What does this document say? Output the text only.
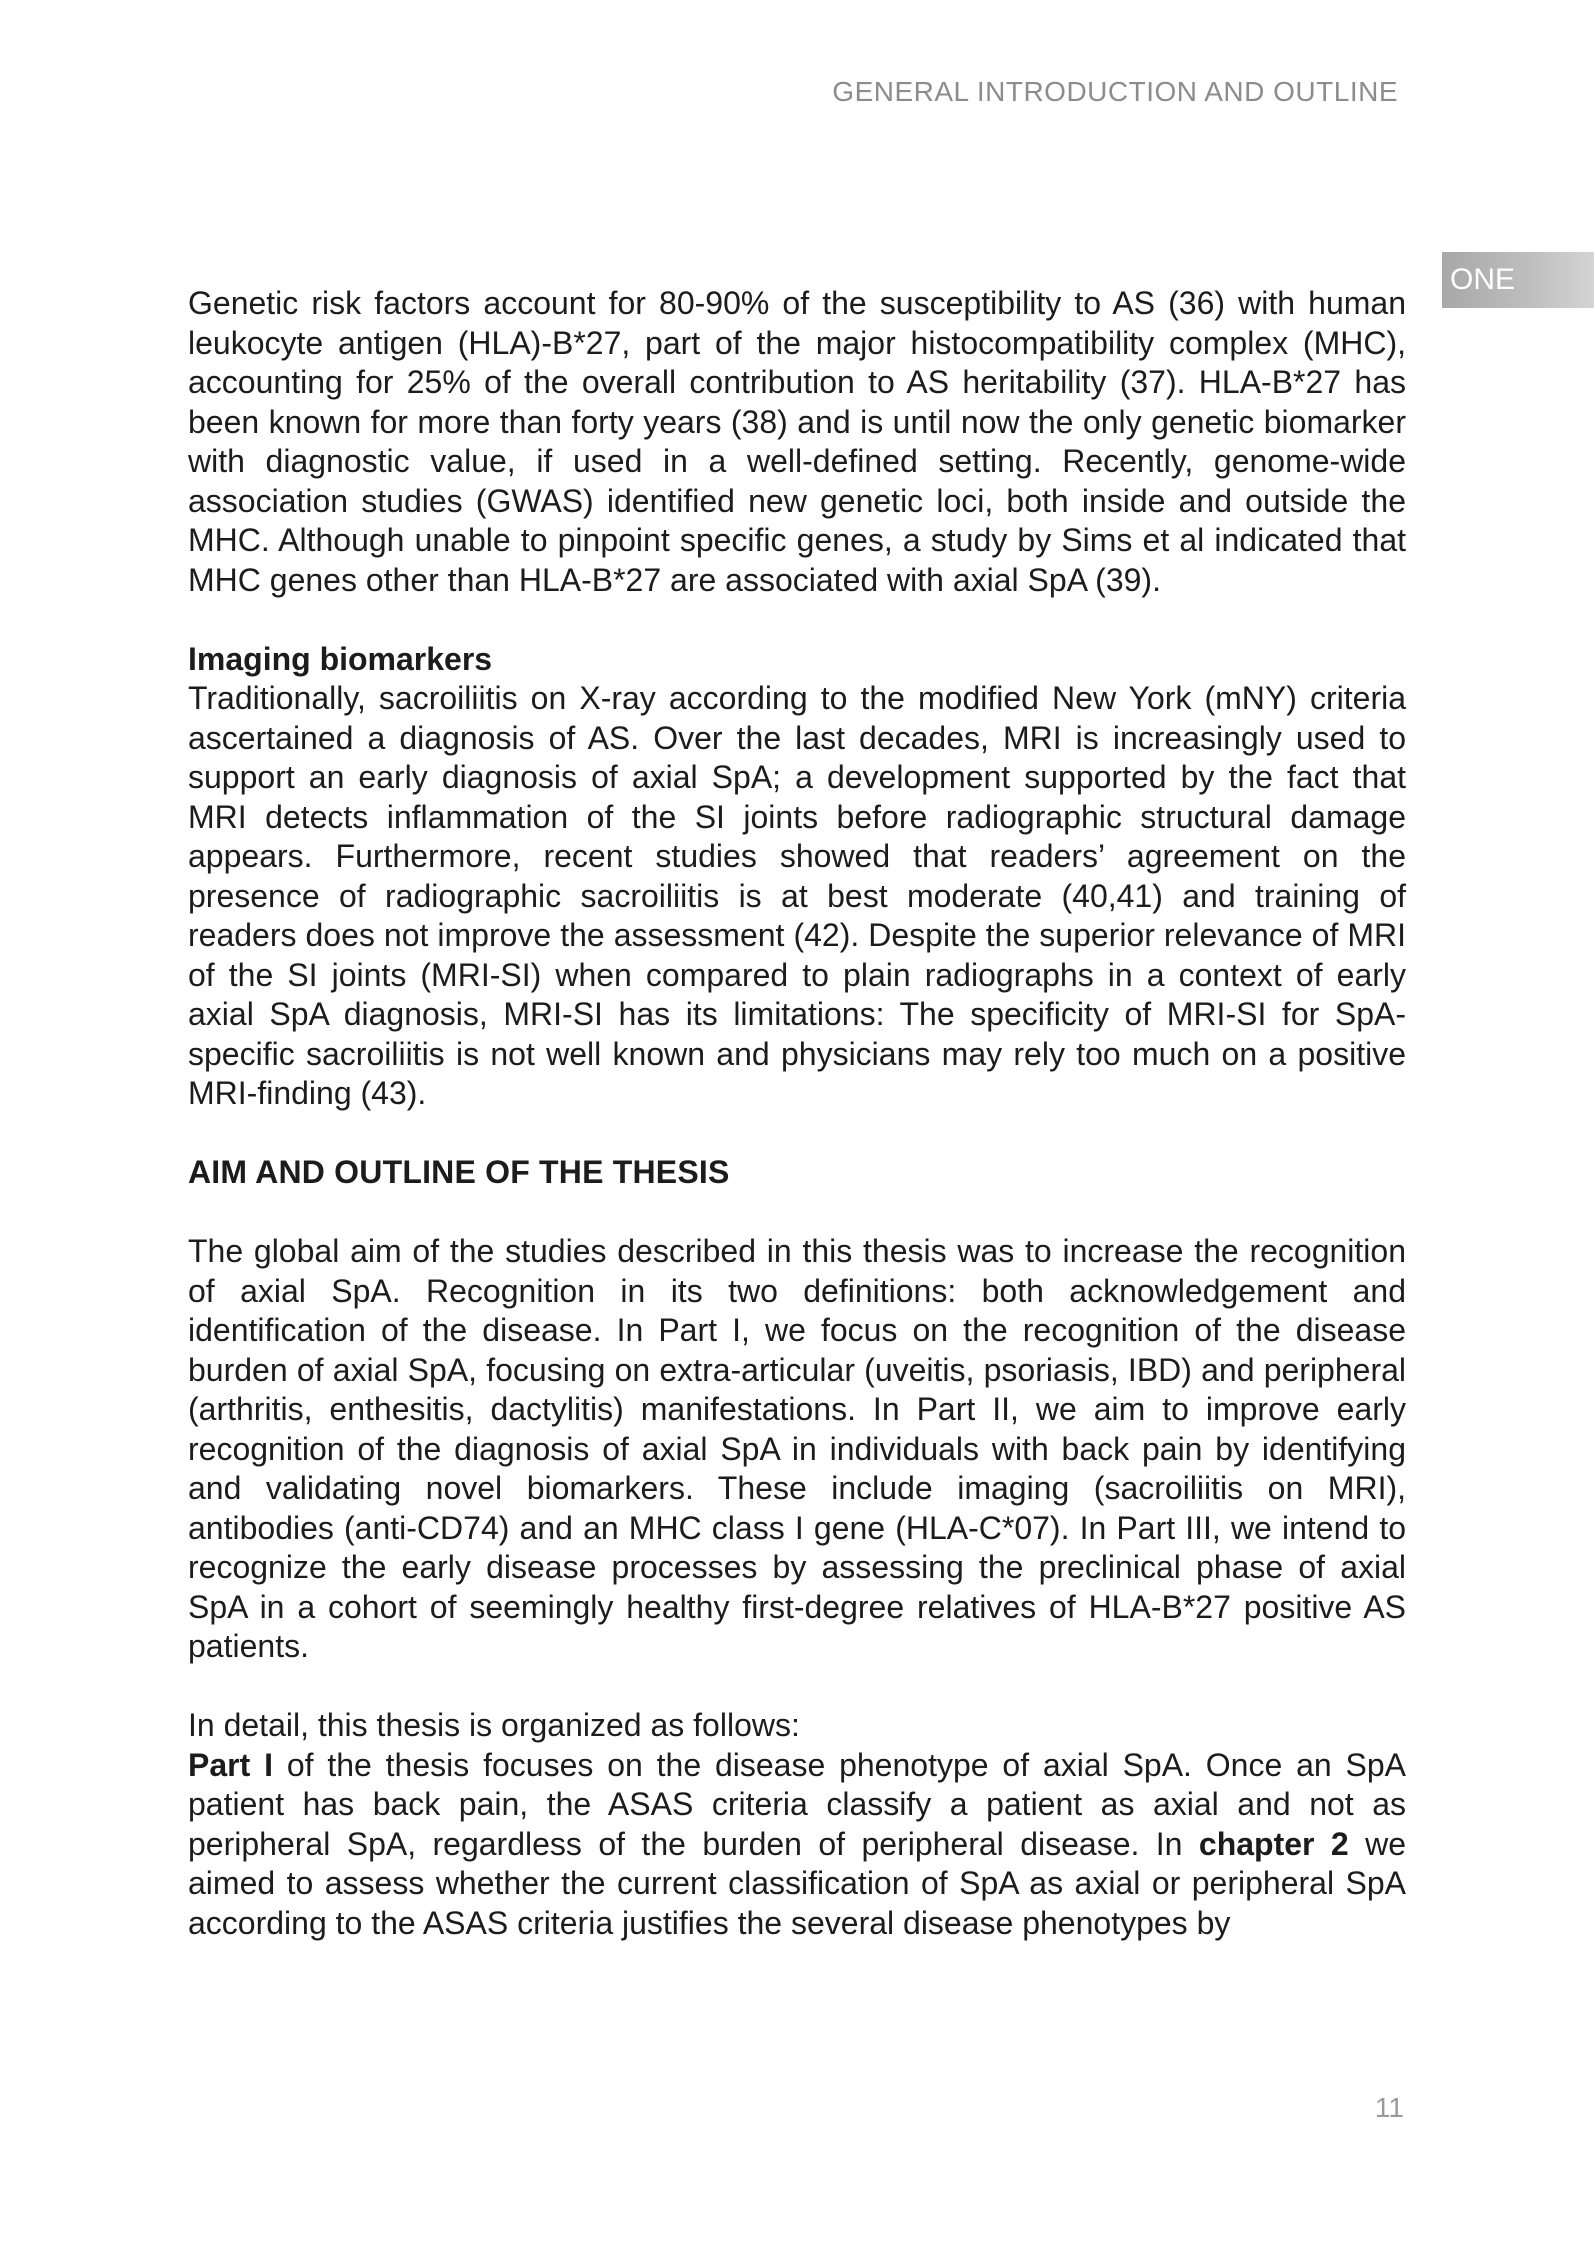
GENERAL INTRODUCTION AND OUTLINE
ONE

Genetic risk factors account for 80-90% of the susceptibility to AS (36) with human leukocyte antigen (HLA)-B*27, part of the major histocompatibility complex (MHC), accounting for 25% of the overall contribution to AS heritability (37). HLA-B*27 has been known for more than forty years (38) and is until now the only genetic biomarker with diagnostic value, if used in a well-defined setting. Recently, genome-wide association studies (GWAS) identified new genetic loci, both inside and outside the MHC. Although unable to pinpoint specific genes, a study by Sims et al indicated that MHC genes other than HLA-B*27 are associated with axial SpA (39).

Imaging biomarkers

Traditionally, sacroiliitis on X-ray according to the modified New York (mNY) criteria ascertained a diagnosis of AS. Over the last decades, MRI is increasingly used to support an early diagnosis of axial SpA; a development supported by the fact that MRI detects inflammation of the SI joints before radiographic structural damage appears. Furthermore, recent studies showed that readers’ agreement on the presence of radiographic sacroiliitis is at best moderate (40,41) and training of readers does not improve the assessment (42). Despite the superior relevance of MRI of the SI joints (MRI-SI) when compared to plain radiographs in a context of early axial SpA diagnosis, MRI-SI has its limitations: The specificity of MRI-SI for SpA-specific sacroiliitis is not well known and physicians may rely too much on a positive MRI-finding (43).

AIM AND OUTLINE OF THE THESIS

The global aim of the studies described in this thesis was to increase the recognition of axial SpA. Recognition in its two definitions: both acknowledgement and identification of the disease. In Part I, we focus on the recognition of the disease burden of axial SpA, focusing on extra-articular (uveitis, psoriasis, IBD) and peripheral (arthritis, enthesitis, dactylitis) manifestations. In Part II, we aim to improve early recognition of the diagnosis of axial SpA in individuals with back pain by identifying and validating novel biomarkers. These include imaging (sacroiliitis on MRI), antibodies (anti-CD74) and an MHC class I gene (HLA-C*07). In Part III, we intend to recognize the early disease processes by assessing the preclinical phase of axial SpA in a cohort of seemingly healthy first-degree relatives of HLA-B*27 positive AS patients.

In detail, this thesis is organized as follows:

Part I of the thesis focuses on the disease phenotype of axial SpA. Once an SpA patient has back pain, the ASAS criteria classify a patient as axial and not as peripheral SpA, regardless of the burden of peripheral disease. In chapter 2 we aimed to assess whether the current classification of SpA as axial or peripheral SpA according to the ASAS criteria justifies the several disease phenotypes by

11
